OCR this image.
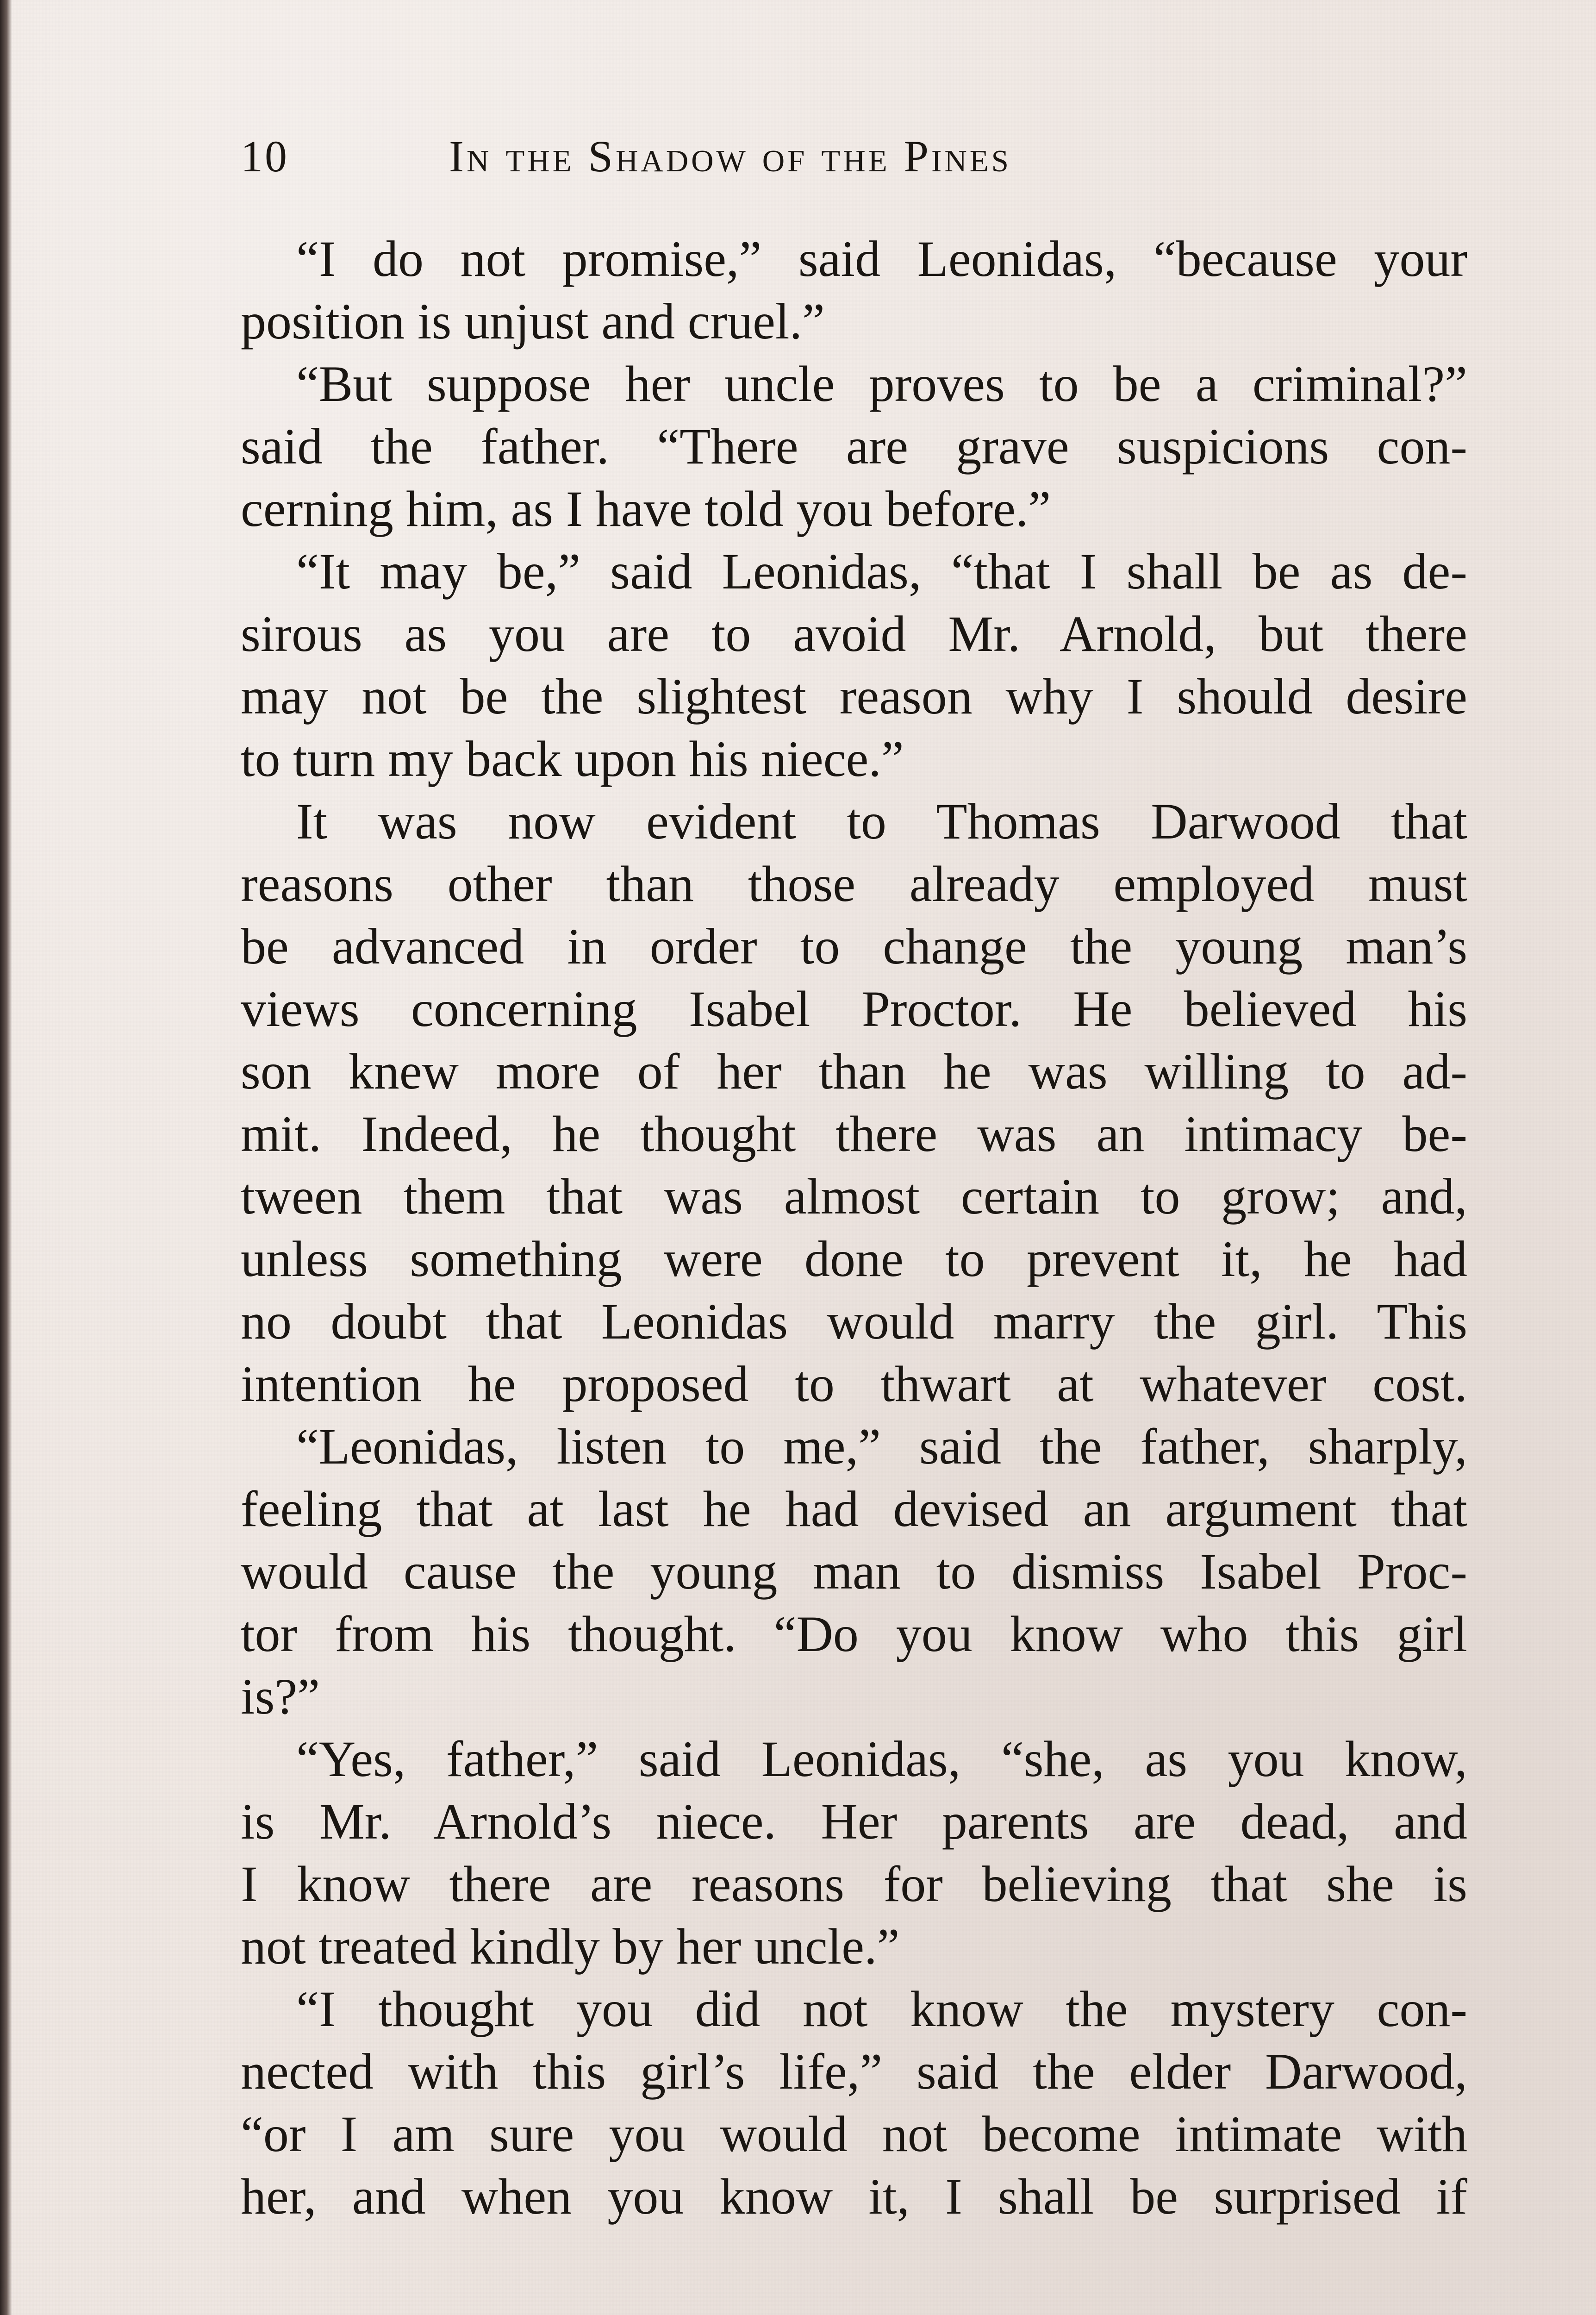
10	In the Shadow of the Pines
“I do not promise,” said Leonidas, “because your
position is unjust and cruel.”
“But suppose her uncle proves to be a criminal?”
said the father. “There are grave suspicions con-
cerning him, as I have told you before.”
“It may be,” said Leonidas, “that I shall be as de-
sirous as you are to avoid Mr. Arnold, but there
may not be the slightest reason why I should desire
to turn my back upon his niece.”
It was now evident to Thomas Darwood that
reasons other than those already employed must
be advanced in order to change the young man’s
views concerning Isabel Proctor. He believed his
son knew more of her than he was willing to ad-
mit. Indeed, he thought there was an intimacy be-
tween them that was almost certain to grow; and,
unless something were done to prevent it, he had
no doubt that Leonidas would marry the girl. This
intention he proposed to thwart at whatever cost.
“Leonidas, listen to me,” said the father, sharply,
feeling that at last he had devised an argument that
would cause the young man to dismiss Isabel Proc-
tor from his thought. “Do you know who this girl
is?”
“Yes, father,” said Leonidas, “she, as you know,
is Mr. Arnold’s niece. Her parents are dead, and
I know there are reasons for believing that she is
not treated kindly by her uncle.”
“I thought you did not know the mystery con-
nected with this girl’s life,” said the elder Darwood,
“or I am sure you would not become intimate with
her, and when you know it, I shall be surprised if
